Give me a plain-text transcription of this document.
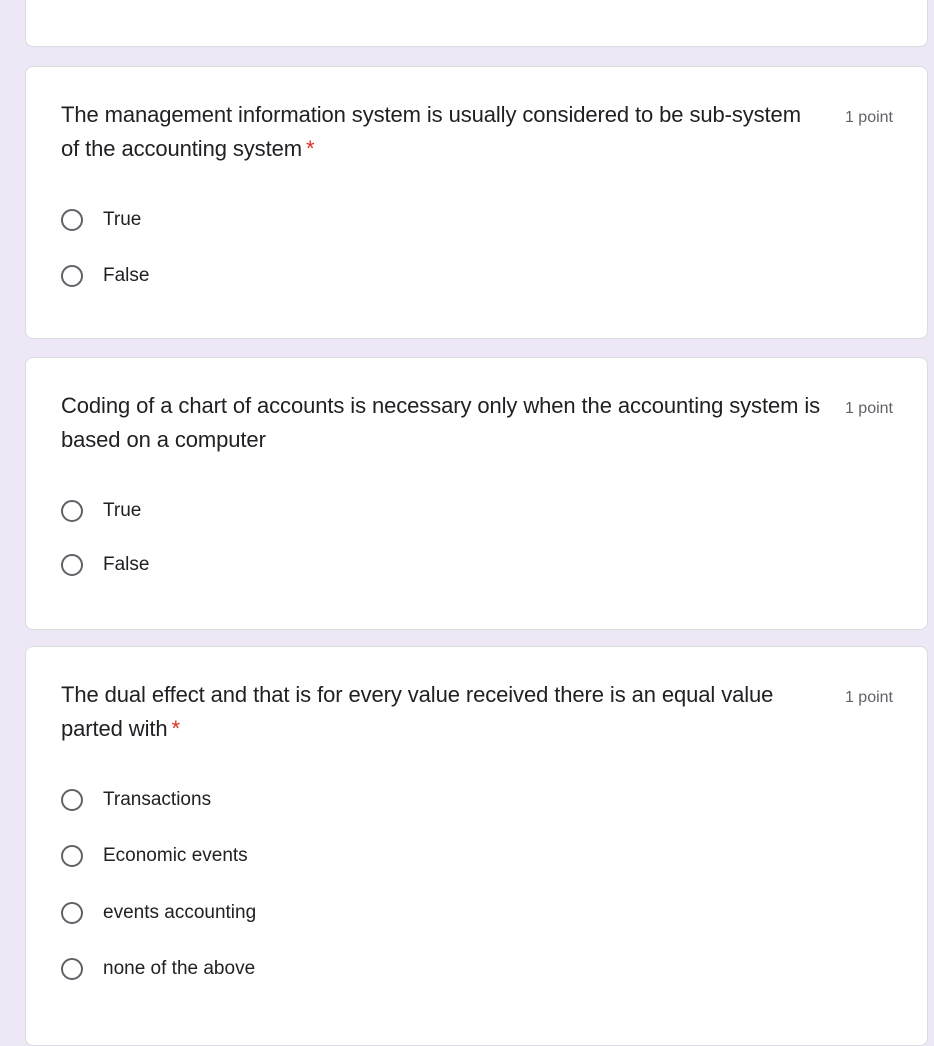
The management information system is usually considered to be sub-system of the accounting system *
1 point
True
False
Coding of a chart of accounts is necessary only when the accounting system is based on a computer
1 point
True
False
The dual effect and that is for every value received there is an equal value parted with *
1 point
Transactions
Economic events
events accounting
none of the above
